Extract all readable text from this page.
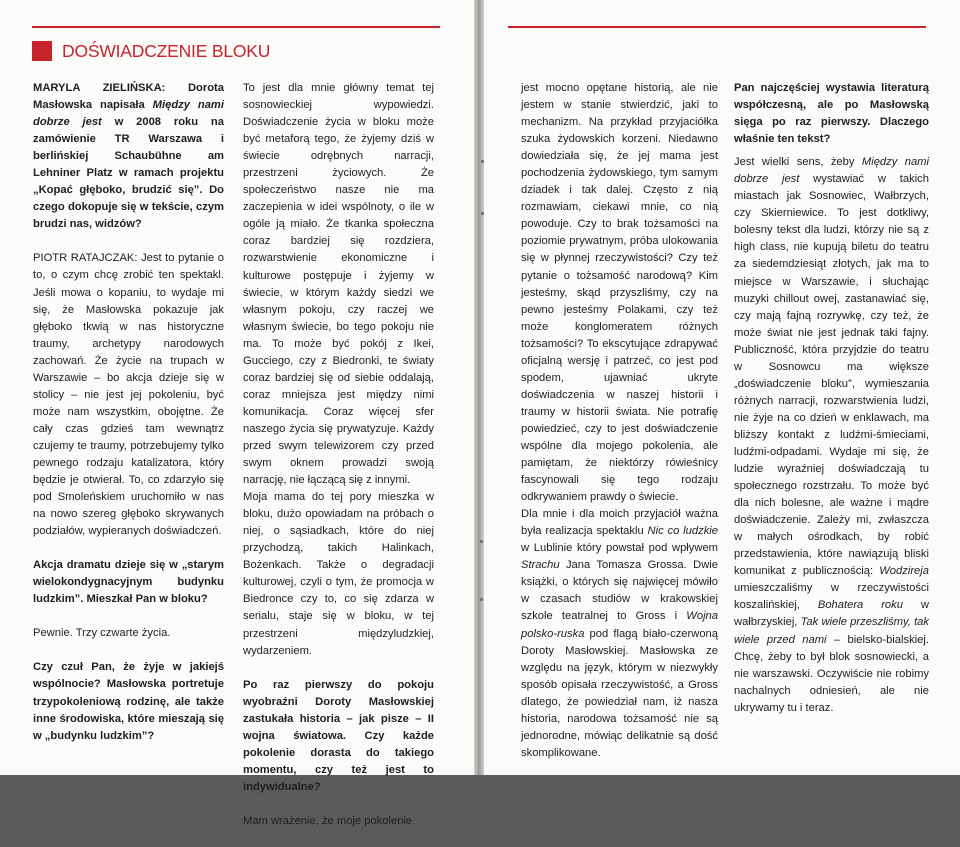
DOŚWIADCZENIE BLOKU

MARYLA ZIELIŃSKA: Dorota Masłowska napisała Między nami dobrze jest w 2008 roku na zamówienie TR Warszawa i berlińskiej Schaubühne am Lehniner Platz w ramach projektu „Kopać głęboko, brudzić się”. Do czego dokopuje się w tekście, czym brudzi nas, widzów?

PIOTR RATAJCZAK: Jest to pytanie o to, o czym chcę zrobić ten spektakl. Jeśli mowa o kopaniu, to wydaje mi się, że Masłowska pokazuje jak głęboko tkwią w nas historyczne traumy, archetypy narodowych zachowań. Że życie na trupach w Warszawie – bo akcja dzieje się w stolicy – nie jest jej pokoleniu, być może nam wszystkim, obojętne. Że cały czas gdzieś tam wewnątrz czujemy te traumy, potrzebujemy tylko pewnego rodzaju katalizatora, który będzie je otwierał. To, co zdarzyło się pod Smoleńskiem uruchomiło w nas na nowo szereg głęboko skrywanych podziałów, wypieranych doświadczeń.

Akcja dramatu dzieje się w „starym wielokondygnacyjnym budynku ludzkim”. Mieszkał Pan w bloku?

Pewnie. Trzy czwarte życia.

Czy czuł Pan, że żyje w jakiejś wspólnocie? Masłowska portretuje trzypokoleniową rodzinę, ale także inne środowiska, które mieszają się w „budynku ludzkim”?

To jest dla mnie główny temat tej sosnowieckiej wypowiedzi. Doświadczenie życia w bloku może być metaforą tego, że żyjemy dziś w świecie odrębnych narracji, przestrzeni życiowych. Że społeczeństwo nasze nie ma zaczepienia w idei wspólnoty, o ile w ogóle ją miało. Że tkanka społeczna coraz bardziej się rozdziera, rozwarstwienie ekonomiczne i kulturowe postępuje i żyjemy w świecie, w którym każdy siedzi we własnym pokoju, czy raczej we własnym świecie, bo tego pokoju nie ma. To może być pokój z Ikei, Gucciego, czy z Biedronki, te światy coraz bardziej się od siebie oddalają, coraz mniejsza jest między nimi komunikacja. Coraz więcej sfer naszego życia się prywatyzuje. Każdy przed swym telewizorem czy przed swym oknem prowadzi swoją narrację, nie łączącą się z innymi.

Moja mama do tej pory mieszka w bloku, dużo opowiadam na próbach o niej, o sąsiadkach, które do niej przychodzą, takich Halinkach, Bożenkach. Także o degradacji kulturowej, czyli o tym, że promocja w Biedronce czy to, co się zdarza w serialu, staje się w bloku, w tej przestrzeni międzyludzkiej, wydarzeniem.

Po raz pierwszy do pokoju wyobraźni Doroty Masłowskiej zastukała historia – jak pisze – II wojna światowa. Czy każde pokolenie dorasta do takiego momentu, czy też jest to indywidualne?

Mam wrażenie, że moje pokolenie

jest mocno opętane historią, ale nie jestem w stanie stwierdzić, jaki to mechanizm. Na przykład przyjaciółka szuka żydowskich korzeni. Niedawno dowiedziała się, że jej mama jest pochodzenia żydowskiego, tym samym dziadek i tak dalej. Często z nią rozmawiam, ciekawi mnie, co nią powoduje. Czy to brak tożsamości na poziomie prywatnym, próba ulokowania się w płynnej rzeczywistości? Czy też pytanie o tożsamość narodową? Kim jesteśmy, skąd przyszliśmy, czy na pewno jesteśmy Polakami, czy też może konglomeratem różnych tożsamości? To ekscytujące zdrapywać oficjalną wersję i patrzeć, co jest pod spodem, ujawniać ukryte doświadczenia w naszej historii i traumy w historii świata. Nie potrafię powiedzieć, czy to jest doświadczenie wspólne dla mojego pokolenia, ale pamiętam, że niektórzy rówieśnicy fascynowali się tego rodzaju odkrywaniem prawdy o świecie.

Dla mnie i dla moich przyjaciół ważna była realizacja spektaklu Nic co ludzkie w Lublinie który powstał pod wpływem Strachu Jana Tomasza Grossa. Dwie książki, o których się najwięcej mówiło w czasach studiów w krakowskiej szkole teatralnej to Gross i Wojna polsko-ruska pod flagą biało-czerwoną Doroty Masłowskiej. Masłowska ze względu na język, którym w niezwykły sposób opisała rzeczywistość, a Gross dlatego, że powiedział nam, iż nasza historia, narodowa tożsamość nie są jednorodne, mówiąc delikatnie są dość skomplikowane.

Pan najczęściej wystawia literaturą współczesną, ale po Masłowską sięga po raz pierwszy. Dlaczego właśnie ten tekst?

Jest wielki sens, żeby Między nami dobrze jest wystawiać w takich miastach jak Sosnowiec, Wałbrzych, czy Skierniewice. To jest dotkliwy, bolesny tekst dla ludzi, którzy nie są z high class, nie kupują biletu do teatru za siedemdziesiąt złotych, jak ma to miejsce w Warszawie, i słuchając muzyki chillout owej, zastanawiać się, czy mają fajną rozrywkę, czy też, że może świat nie jest jednak taki fajny. Publiczność, która przyjdzie do teatru w Sosnowcu ma większe „doświadczenie bloku”, wymieszania różnych narracji, rozwarstwienia ludzi, nie żyje na co dzień w enklawach, ma bliższy kontakt z ludźmi-śmieciami, ludźmi-odpadami. Wydaje mi się, że ludzie wyraźniej doświadczają tu społecznego rozstrzału. To może być dla nich bolesne, ale ważne i mądre doświadczenie. Zależy mi, zwłaszcza w małych ośrodkach, by robić przedstawienia, które nawiązują bliski komunikat z publicznością: Wodzireja umieszczaliśmy w rzeczywistości koszalińskiej, Bohatera roku w wałbrzyskiej, Tak wiele przeszliśmy, tak wiele przed nami – bielsko-bialskiej. Chcę, żeby to był blok sosnowiecki, a nie warszawski. Oczywiście nie robimy nachalnych odniesień, ale nie ukrywamy tu i teraz.
